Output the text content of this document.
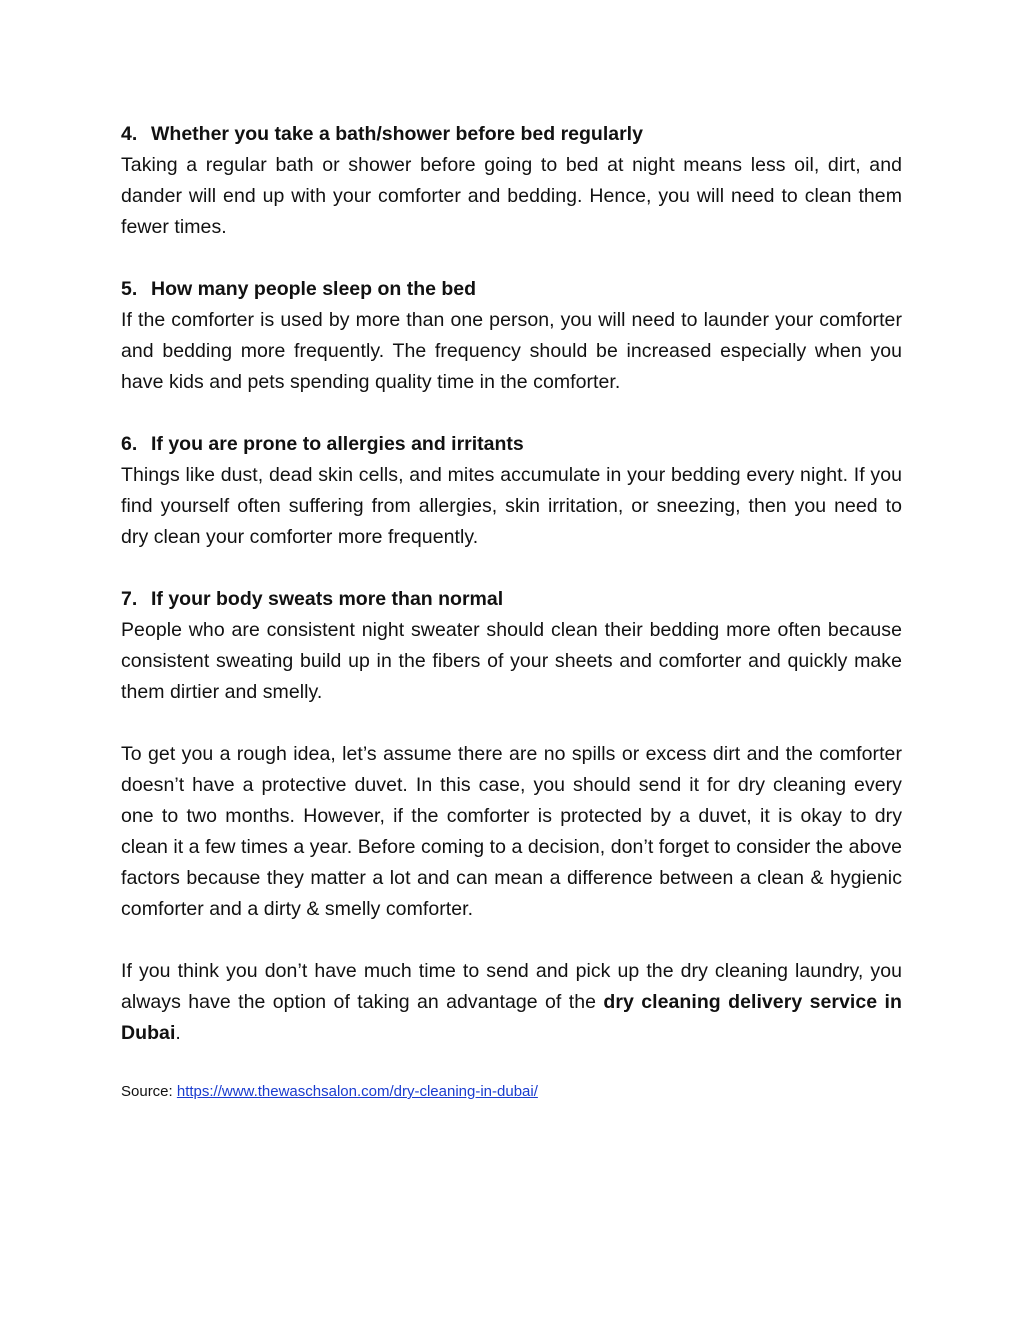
4. Whether you take a bath/shower before bed regularly

Taking a regular bath or shower before going to bed at night means less oil, dirt, and dander will end up with your comforter and bedding. Hence, you will need to clean them fewer times.

5. How many people sleep on the bed

If the comforter is used by more than one person, you will need to launder your comforter and bedding more frequently. The frequency should be increased especially when you have kids and pets spending quality time in the comforter.

6. If you are prone to allergies and irritants

Things like dust, dead skin cells, and mites accumulate in your bedding every night. If you find yourself often suffering from allergies, skin irritation, or sneezing, then you need to dry clean your comforter more frequently.

7. If your body sweats more than normal

People who are consistent night sweater should clean their bedding more often because consistent sweating build up in the fibers of your sheets and comforter and quickly make them dirtier and smelly.

To get you a rough idea, let’s assume there are no spills or excess dirt and the comforter doesn’t have a protective duvet. In this case, you should send it for dry cleaning every one to two months. However, if the comforter is protected by a duvet, it is okay to dry clean it a few times a year. Before coming to a decision, don’t forget to consider the above factors because they matter a lot and can mean a difference between a clean & hygienic comforter and a dirty & smelly comforter.

If you think you don’t have much time to send and pick up the dry cleaning laundry, you always have the option of taking an advantage of the dry cleaning delivery service in Dubai.

Source: https://www.thewaschsalon.com/dry-cleaning-in-dubai/
